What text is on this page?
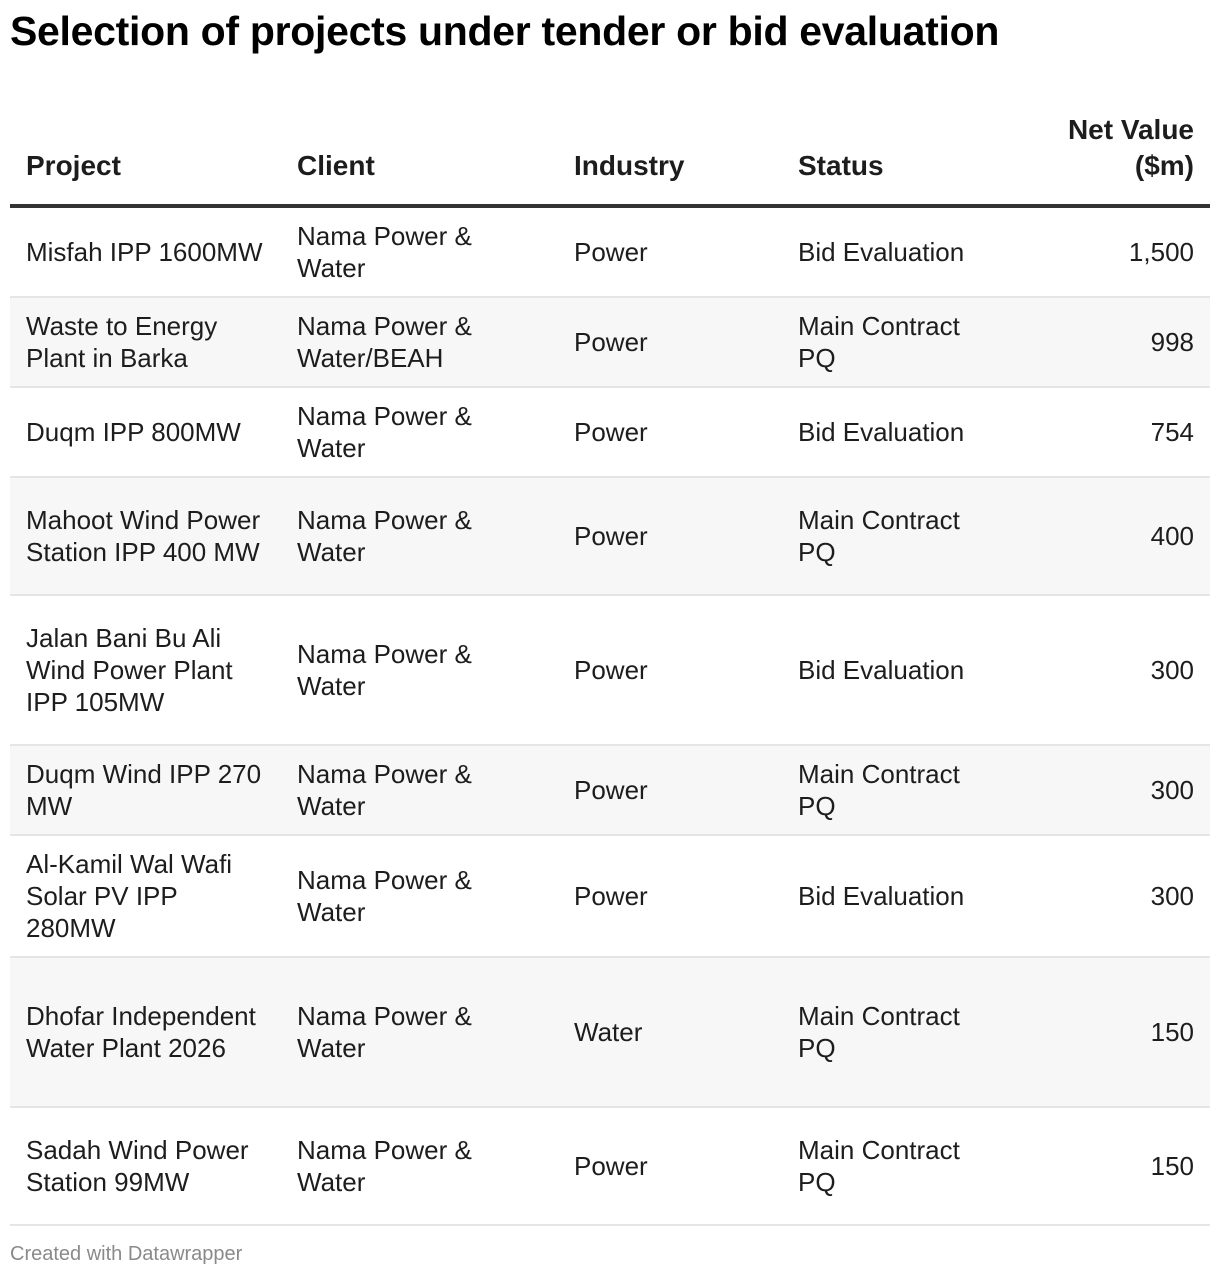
Selection of projects under tender or bid evaluation
Project	Client	Industry	Status	Net Value
($m)

Misfah IPP 1600MW	Nama Power & Water	Power	Bid Evaluation	1,500
Waste to Energy Plant in Barka	Nama Power & Water/BEAH	Power	Main Contract PQ	998
Duqm IPP 800MW	Nama Power & Water	Power	Bid Evaluation	754
Mahoot Wind Power Station IPP 400 MW	Nama Power & Water	Power	Main Contract PQ	400
Jalan Bani Bu Ali Wind Power Plant IPP 105MW	Nama Power & Water	Power	Bid Evaluation	300
Duqm Wind IPP 270 MW	Nama Power & Water	Power	Main Contract PQ	300
Al-Kamil Wal Wafi Solar PV IPP 280MW	Nama Power & Water	Power	Bid Evaluation	300
Dhofar Independent Water Plant 2026	Nama Power & Water	Water	Main Contract PQ	150
Sadah Wind Power Station 99MW	Nama Power & Water	Power	Main Contract PQ	150
Created with Datawrapper
